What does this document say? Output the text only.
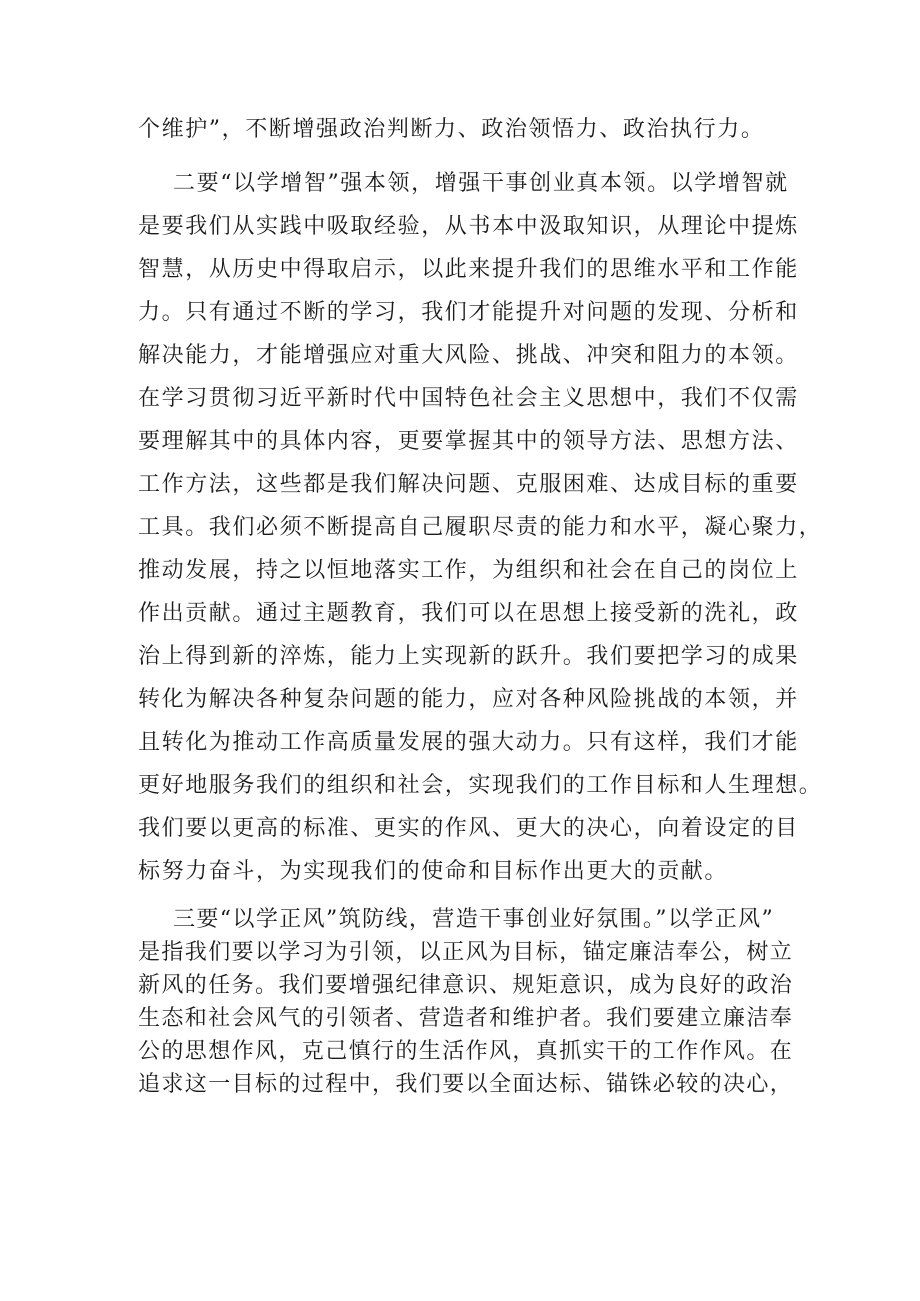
个维护”，不断增强政治判断力、政治领悟力、政治执行力。
二要“以学增智”强本领，增强干事创业真本领。以学增智就
是要我们从实践中吸取经验，从书本中汲取知识，从理论中提炼
智慧，从历史中得取启示，以此来提升我们的思维水平和工作能
力。只有通过不断的学习，我们才能提升对问题的发现、分析和
解决能力，才能增强应对重大风险、挑战、冲突和阻力的本领。
在学习贯彻习近平新时代中国特色社会主义思想中，我们不仅需
要理解其中的具体内容，更要掌握其中的领导方法、思想方法、
工作方法，这些都是我们解决问题、克服困难、达成目标的重要
工具。我们必须不断提高自己履职尽责的能力和水平，凝心聚力，
推动发展，持之以恒地落实工作，为组织和社会在自己的岗位上
作出贡献。通过主题教育，我们可以在思想上接受新的洗礼，政
治上得到新的淬炼，能力上实现新的跃升。我们要把学习的成果
转化为解决各种复杂问题的能力，应对各种风险挑战的本领，并
且转化为推动工作高质量发展的强大动力。只有这样，我们才能
更好地服务我们的组织和社会，实现我们的工作目标和人生理想。
我们要以更高的标准、更实的作风、更大的决心，向着设定的目
标努力奋斗，为实现我们的使命和目标作出更大的贡献。
三要“以学正风”筑防线，营造干事创业好氛围。”以学正风”
是指我们要以学习为引领，以正风为目标，锚定廉洁奉公，树立
新风的任务。我们要增强纪律意识、规矩意识，成为良好的政治
生态和社会风气的引领者、营造者和维护者。我们要建立廉洁奉
公的思想作风，克己慎行的生活作风，真抓实干的工作作风。在
追求这一目标的过程中，我们要以全面达标、锚铢必较的决心，
